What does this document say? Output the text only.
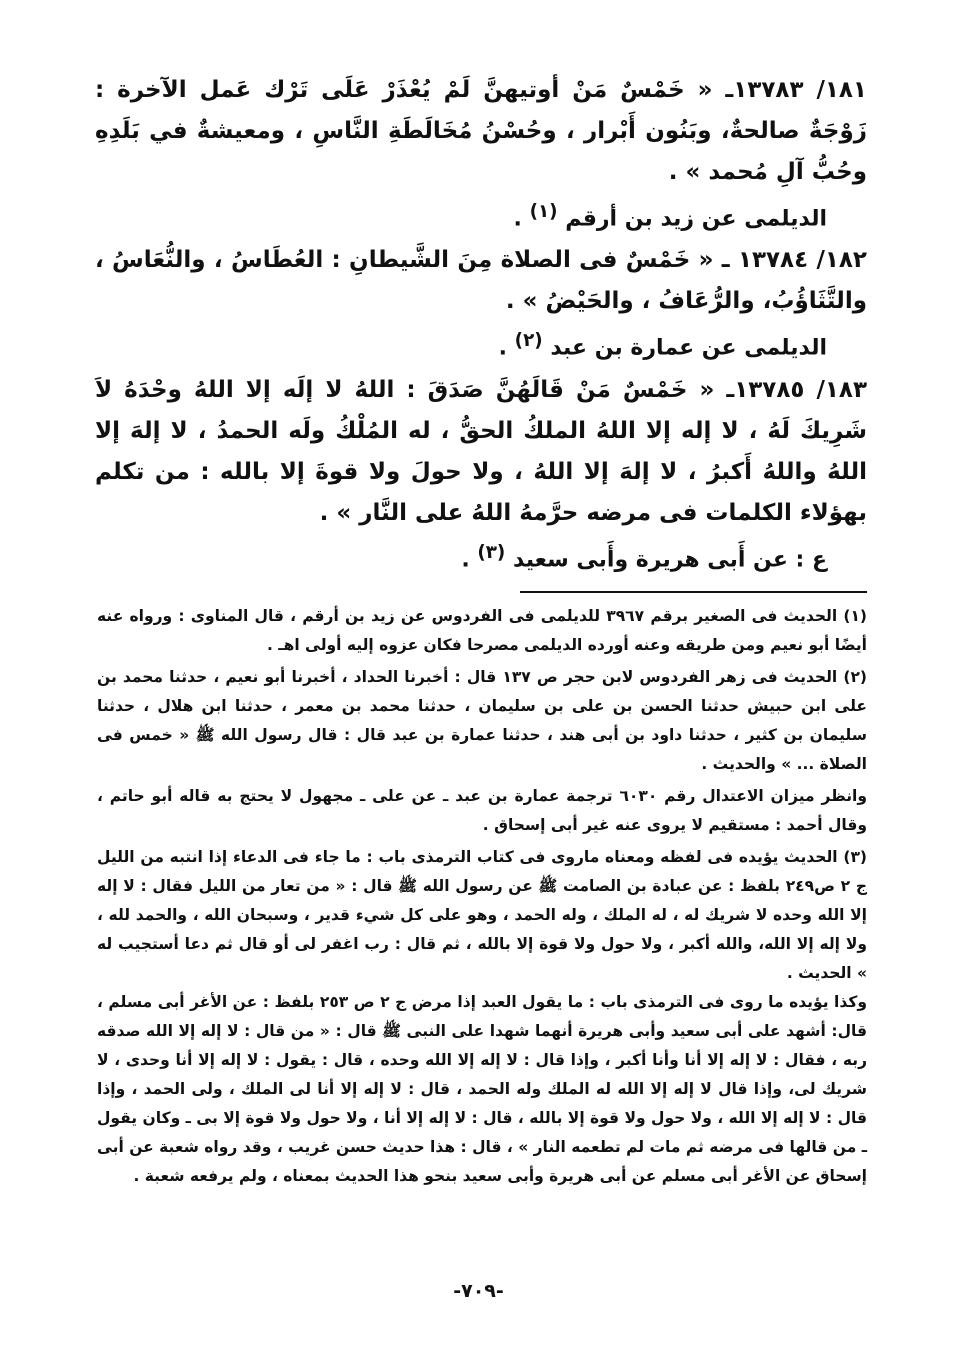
١٨١/ ١٣٧٨٣ـ « خَمْسٌ مَنْ أوتيهنَّ لَمْ يُعْذَرْ عَلَى تَرْك عَمل الآخرة : زَوْجَةٌ صالحةٌ، وبَنُون أَبْرار ، وحُسْنُ مُخَالَطَةِ النَّاسِ ، ومعيشةٌ في بَلَدِهِ وحُبُّ آلِ مُحمد » .
الديلمى عن زيد بن أرقم $^{(١)}$ .
١٨٢/ ١٣٧٨٤ ـ « خَمْسٌ فى الصلاة مِنَ الشَّيطانِ : العُطَاسُ ، والنُّعَاسُ ، والتَّثَاؤُبُ، والرُّعَافُ ، والحَيْضُ » .
الديلمى عن عمارة بن عبد $^{(٢)}$ .
١٨٣/ ١٣٧٨٥ـ « خَمْسٌ مَنْ قَالَهُنَّ صَدَقَ : اللهُ لا إلَه إلا اللهُ وحْدَهُ لاَ شَرِيكَ لَهُ ، لا إله إلا اللهُ الملكُ الحقُّ ، له المُلْكُ ولَه الحمدُ ، لا إلهَ إلا اللهُ واللهُ أَكبرُ ، لا إلهَ إلا اللهُ ، ولا حولَ ولا قوةَ إلا بالله : من تكلم بهؤلاء الكلمات فى مرضه حرَّمهُ اللهُ على النَّار » .
ع : عن أَبى هريرة وأَبى سعيد $^{(٣)}$ .

(١) الحديث فى الصغير برقم ٣٩٦٧ للديلمى فى الفردوس عن زيد بن أرقم ، قال المناوى : ورواه عنه أيضًا أبو نعيم ومن طريقه وعنه أورده الديلمى مصرحا فكان عزوه إليه أولى اهـ .

(٢) الحديث فى زهر الفردوس لابن حجر ص ١٣٧ قال : أخبرنا الحداد ، أخبرنا أبو نعيم ، حدثنا محمد بن على ابن حبيش حدثنا الحسن بن على بن سليمان ، حدثنا محمد بن معمر ، حدثنا ابن هلال ، حدثنا سليمان بن كثير ، حدثنا داود بن أبى هند ، حدثنا عمارة بن عبد قال : قال رسول الله ﷺ « خمس فى الصلاة ... » والحديث .

وانظر ميزان الاعتدال رقم ٦٠٣٠ ترجمة عمارة بن عبد ـ عن على ـ مجهول لا يحتج به قاله أبو حاتم ، وقال أحمد : مستقيم لا يروى عنه غير أبى إسحاق .

(٣) الحديث يؤيده فى لفظه ومعناه ماروى فى كتاب الترمذى باب : ما جاء فى الدعاء إذا انتبه من الليل ج ٢ ص٢٤٩ بلفظ : عن عبادة بن الصامت ﷺ عن رسول الله ﷺ قال : « من تعار من الليل فقال : لا إله إلا الله وحده لا شريك له ، له الملك ، وله الحمد ، وهو على كل شيء قدير ، وسبحان الله ، والحمد لله ، ولا إله إلا الله، والله أكبر ، ولا حول ولا قوة إلا بالله ، ثم قال : رب اغفر لى أو قال ثم دعا أستجيب له » الحديث .

وكذا يؤيده ما روى فى الترمذى باب : ما يقول العبد إذا مرض ج ٢ ص ٢٥٣ بلفظ : عن الأغر أبى مسلم ، قال: أشهد على أبى سعيد وأبى هريرة أنهما شهدا على النبى ﷺ قال : « من قال : لا إله إلا الله صدقه ربه ، فقال : لا إله إلا أنا وأنا أكبر ، وإذا قال : لا إله إلا الله وحده ، قال : يقول : لا إله إلا أنا وحدى ، لا شريك لى، وإذا قال لا إله إلا الله له الملك وله الحمد ، قال : لا إله إلا أنا لى الملك ، ولى الحمد ، وإذا قال : لا إله إلا الله ، ولا حول ولا قوة إلا بالله ، قال : لا إله إلا أنا ، ولا حول ولا قوة إلا بى ـ وكان يقول ـ من قالها فى مرضه ثم مات لم تطعمه النار » ، قال : هذا حديث حسن غريب ، وقد رواه شعبة عن أبى إسحاق عن الأغر أبى مسلم عن أبى هريرة وأبى سعيد بنحو هذا الحديث بمعناه ، ولم يرفعه شعبة .

-٧٠٩-
